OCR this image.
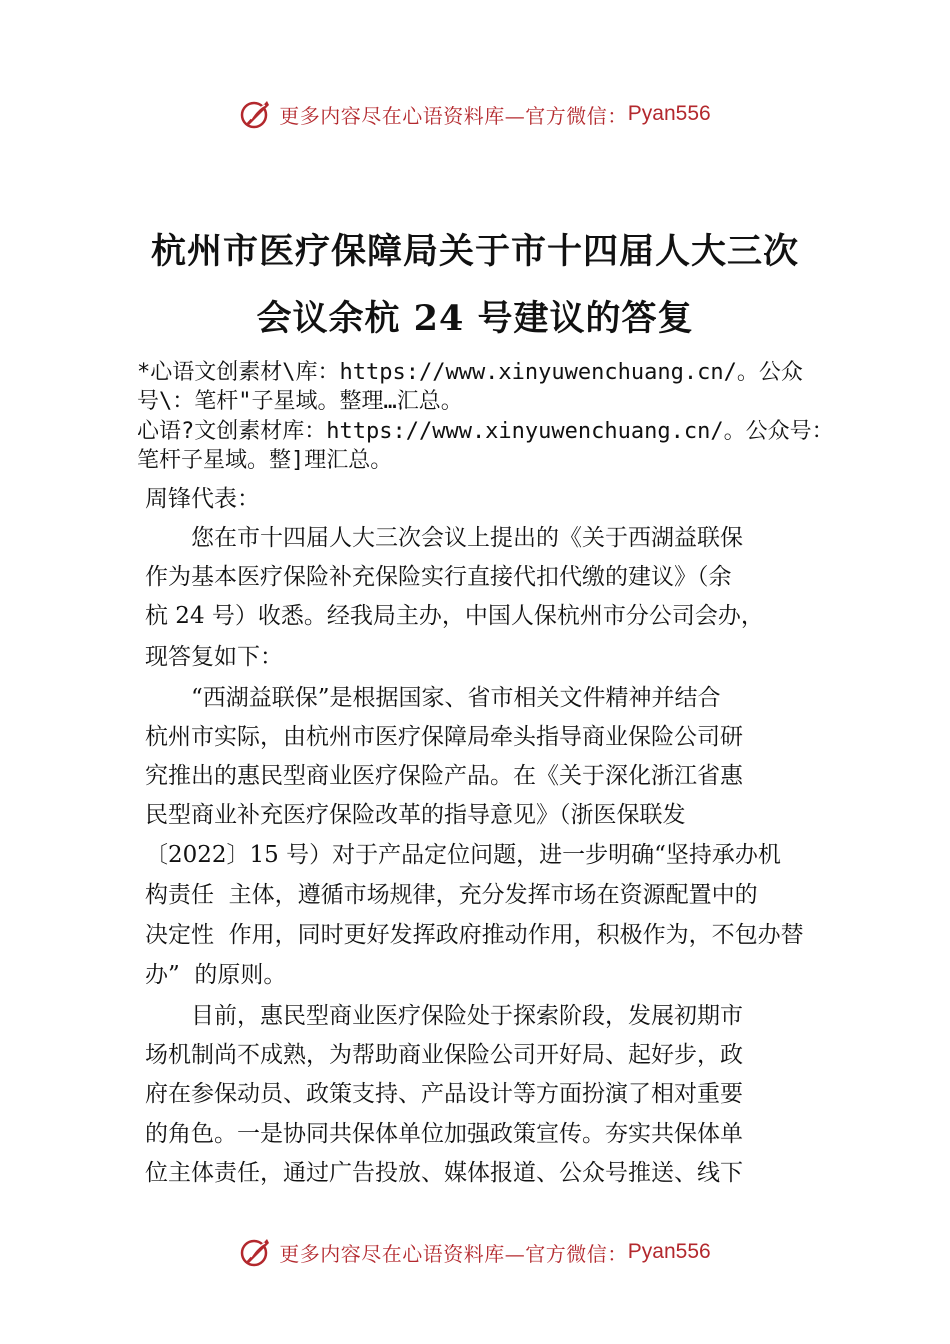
更多内容尽在心语资料库—官方微信： Pyan556
杭州市医疗保障局关于市十四届人大三次
会议余杭 24 号建议的答复
*心语文创素材\库：https://www.xinyuwenchuang.cn/。公众
号\：笔杆"子星域。整理…汇总。
心语?文创素材库：https://www.xinyuwenchuang.cn/。公众号：
笔杆子星域。整]理汇总。
周锋代表：
　　您在市十四届人大三次会议上提出的《关于西湖益联保
作为基本医疗保险补充保险实行直接代扣代缴的建议》（余
杭 24 号）收悉。经我局主办，中国人保杭州市分公司会办，
现答复如下：
　　“西湖益联保”是根据国家、省市相关文件精神并结合
杭州市实际，由杭州市医疗保障局牵头指导商业保险公司研
究推出的惠民型商业医疗保险产品。在《关于深化浙江省惠
民型商业补充医疗保险改革的指导意见》（浙医保联发
〔2022〕15 号）对于产品定位问题，进一步明确“坚持承办机
构责任  主体，遵循市场规律，充分发挥市场在资源配置中的
决定性  作用，同时更好发挥政府推动作用，积极作为，不包办替
办”  的原则。
　　目前，惠民型商业医疗保险处于探索阶段，发展初期市
场机制尚不成熟，为帮助商业保险公司开好局、起好步，政
府在参保动员、政策支持、产品设计等方面扮演了相对重要
的角色。一是协同共保体单位加强政策宣传。夯实共保体单
位主体责任，通过广告投放、媒体报道、公众号推送、线下
更多内容尽在心语资料库—官方微信： Pyan556
